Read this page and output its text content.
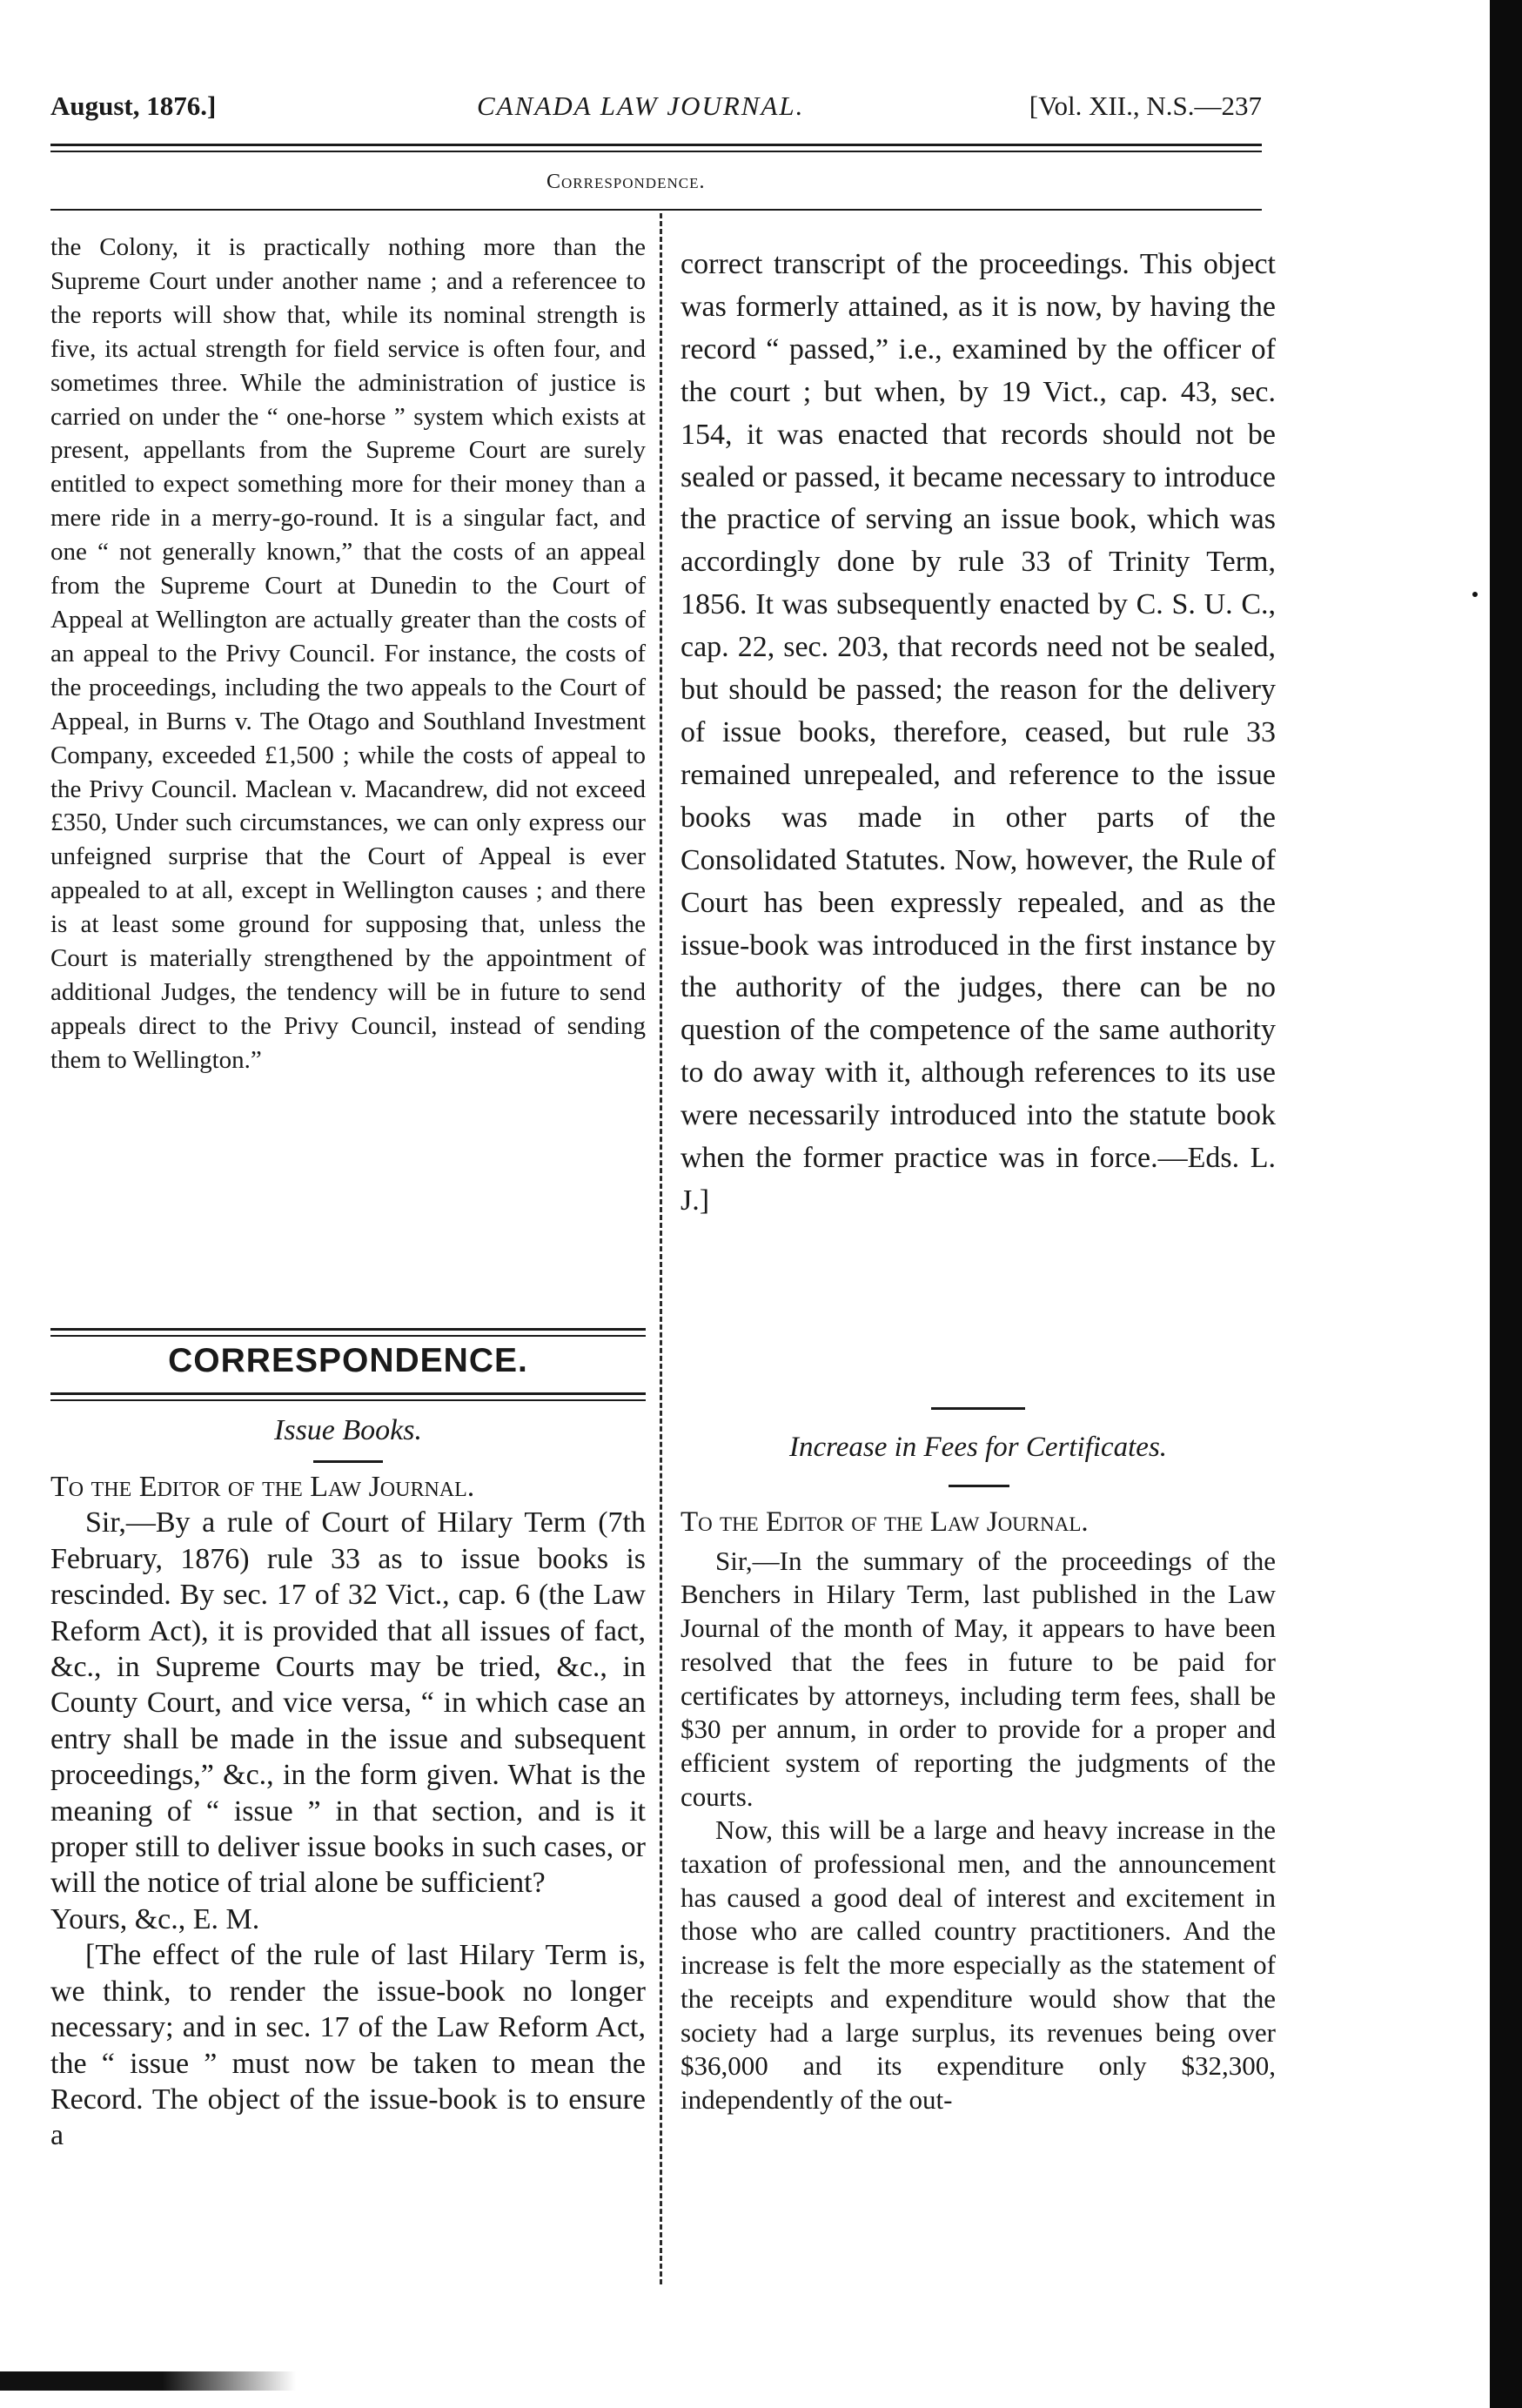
August, 1876.]	CANADA LAW JOURNAL.	[Vol. XII., N.S.—237
Correspondence.

the Colony, it is practically nothing more than the Supreme Court under another name ; and a referencee to the reports will show that, while its nominal strength is five, its actual strength for field service is often four, and sometimes three. While the administration of justice is carried on under the “ one-horse ” system which exists at present, appellants from the Supreme Court are surely entitled to expect something more for their money than a mere ride in a merry-go-round. It is a singular fact, and one “ not generally known,” that the costs of an appeal from the Supreme Court at Dunedin to the Court of Appeal at Wellington are actually greater than the costs of an appeal to the Privy Council. For instance, the costs of the proceedings, including the two appeals to the Court of Appeal, in Burns v. The Otago and Southland Investment Company, exceeded £1,500 ; while the costs of appeal to the Privy Council. Maclean v. Macandrew, did not exceed £350, Under such circumstances, we can only express our unfeigned surprise that the Court of Appeal is ever appealed to at all, except in Wellington causes ; and there is at least some ground for supposing that, unless the Court is materially strengthened by the appointment of additional Judges, the tendency will be in future to send appeals direct to the Privy Council, instead of sending them to Wellington.”

CORRESPONDENCE.
Issue Books.

To the Editor of the Law Journal.

Sir,—By a rule of Court of Hilary Term (7th February, 1876) rule 33 as to issue books is rescinded. By sec. 17 of 32 Vict., cap. 6 (the Law Reform Act), it is provided that all issues of fact, &c., in Supreme Courts may be tried, &c., in County Court, and vice versa, “ in which case an entry shall be made in the issue and subsequent proceedings,” &c., in the form given. What is the meaning of “ issue ” in that section, and is it proper still to deliver issue books in such cases, or will the notice of trial alone be sufficient?

Yours, &c., E. M.

[The effect of the rule of last Hilary Term is, we think, to render the issue-book no longer necessary; and in sec. 17 of the Law Reform Act, the “ issue ” must now be taken to mean the Record. The object of the issue-book is to ensure a

correct transcript of the proceedings. This object was formerly attained, as it is now, by having the record “ passed,” i.e., examined by the officer of the court ; but when, by 19 Vict., cap. 43, sec. 154, it was enacted that records should not be sealed or passed, it became necessary to introduce the practice of serving an issue book, which was accordingly done by rule 33 of Trinity Term, 1856. It was subsequently enacted by C. S. U. C., cap. 22, sec. 203, that records need not be sealed, but should be passed; the reason for the delivery of issue books, therefore, ceased, but rule 33 remained unrepealed, and reference to the issue books was made in other parts of the Consolidated Statutes. Now, however, the Rule of Court has been expressly repealed, and as the issue-book was introduced in the first instance by the authority of the judges, there can be no question of the competence of the same authority to do away with it, although references to its use were necessarily introduced into the statute book when the former practice was in force.—Eds. L. J.]

Increase in Fees for Certificates.

To the Editor of the Law Journal.

Sir,—In the summary of the proceedings of the Benchers in Hilary Term, last published in the Law Journal of the month of May, it appears to have been resolved that the fees in future to be paid for certificates by attorneys, including term fees, shall be $30 per annum, in order to provide for a proper and efficient system of reporting the judgments of the courts.

Now, this will be a large and heavy increase in the taxation of professional men, and the announcement has caused a good deal of interest and excitement in those who are called country practitioners. And the increase is felt the more especially as the statement of the receipts and expenditure would show that the society had a large surplus, its revenues being over $36,000 and its expenditure only $32,300, independently of the out-
